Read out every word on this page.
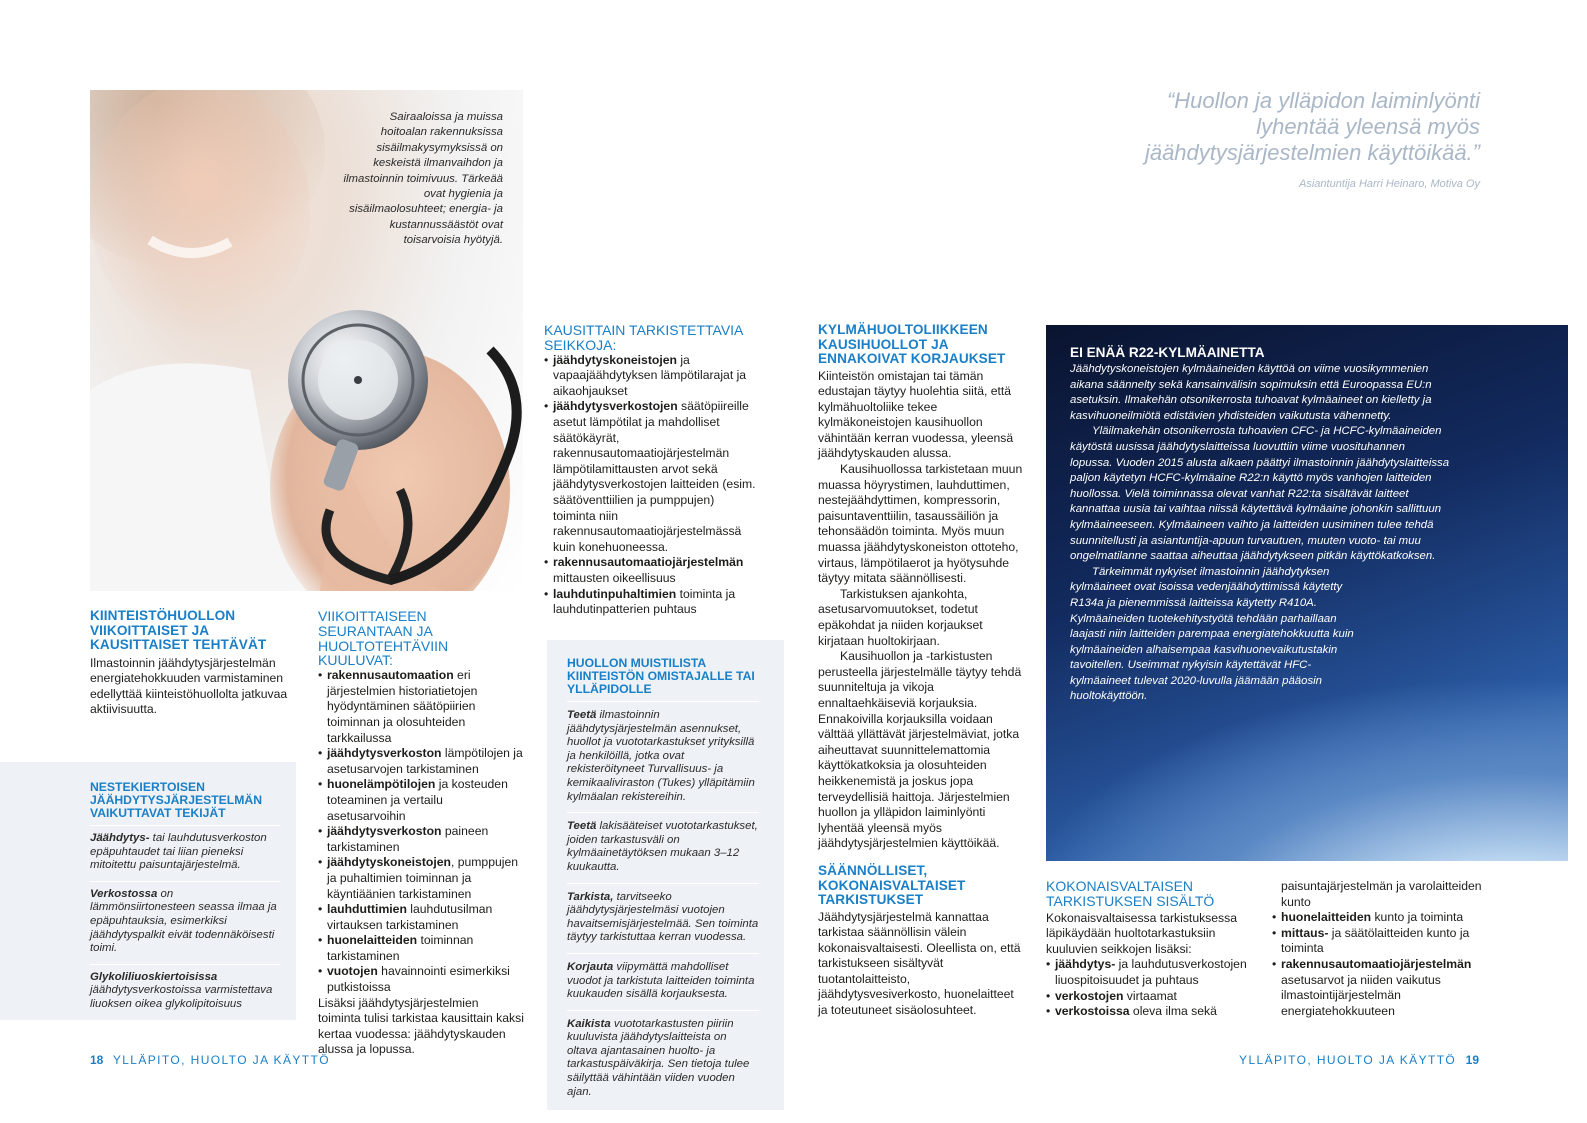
Sairaaloissa ja muissa hoitoalan rakennuksissa sisäilmakysymyksissä on keskeistä ilmanvaihdon ja ilmastoinnin toimivuus. Tärkeää ovat hygienia ja sisäilmaolosuhteet; energia- ja kustannussäästöt ovat toisarvoisia hyötyjä.
“Huollon ja ylläpidon laiminlyönti lyhentää yleensä myös jäähdytysjärjestelmien käyttöikää.”
Asiantuntija Harri Heinaro, Motiva Oy
KIINTEISTÖHUOLLON VIIKOITTAISET JA KAUSITTAISET TEHTÄVÄT
Ilmastoinnin jäähdytysjärjestelmän energiatehokkuuden varmistaminen edellyttää kiinteistöhuollolta jatkuvaa aktiivisuutta.
NESTEKIERTOISEN JÄÄHDYTYSJÄRJESTELMÄN VAIKUTTAVAT TEKIJÄT
Jäähdytys- tai lauhdutusverkoston epäpuhtaudet tai liian pieneksi mitoitettu paisuntajärjestelmä.
Verkostossa on lämmönsiirtonesteen seassa ilmaa ja epäpuhtauksia, esimerkiksi jäähdytyspalkit eivät todennäköisesti toimi.
Glykoliliuoskiertoisissa jäähdytysverkostoissa varmistettava liuoksen oikea glykolipitoisuus
VIIKOITTAISEEN SEURANTAAN JA HUOLTOTEHTÄVIIN KUULUVAT:
• rakennusautomaation eri järjestelmien historiatietojen hyödyntäminen säätöpiirien toiminnan ja olosuhteiden tarkkailussa
• jäähdytysverkoston lämpötilojen ja asetusarvojen tarkistaminen
• huonelämpötilojen ja kosteuden toteaminen ja vertailu asetusarvoihin
• jäähdytysverkoston paineen tarkistaminen
• jäähdytyskoneistojen, pumppujen ja puhaltimien toiminnan ja käyntiäänien tarkistaminen
• lauhduttimien lauhdutusilman virtauksen tarkistaminen
• huonelaitteiden toiminnan tarkistaminen
• vuotojen havainnointi esimerkiksi putkistoissa
Lisäksi jäähdytysjärjestelmien toiminta tulisi tarkistaa kausittain kaksi kertaa vuodessa: jäähdytyskauden alussa ja lopussa.
KAUSITTAIN TARKISTETTAVIA SEIKKOJA:
• jäähdytyskoneistojen ja vapaajäähdytyksen lämpötilarajat ja aikaohjaukset
• jäähdytysverkostojen säätöpiireille asetut lämpötilat ja mahdolliset säätökäyrät, rakennusautomaatiojärjestelmän lämpötilamittausten arvot sekä jäähdytysverkostojen laitteiden (esim. säätöventtiilien ja pumppujen) toiminta niin rakennusautomaatiojärjestelmässä kuin konehuoneessa.
• rakennusautomaatiojärjestelmän mittausten oikeellisuus
• lauhdutinpuhaltimien toiminta ja lauhdutinpatterien puhtaus
HUOLLON MUISTILISTA KIINTEISTÖN OMISTAJALLE TAI YLLÄPIDOLLE
Teetä ilmastoinnin jäähdytysjärjestelmän asennukset, huollot ja vuototarkastukset yrityksillä ja henkilöillä, jotka ovat rekisteröityneet Turvallisuus- ja kemikaaliviraston (Tukes) ylläpitämiin kylmäalan rekistereihin.
Teetä lakisääteiset vuototarkastukset, joiden tarkastusväli on kylmäainetäytöksen mukaan 3–12 kuukautta.
Tarkista, tarvitseeko jäähdytysjärjestelmäsi vuotojen havaitsemisjärjestelmää. Sen toiminta täytyy tarkistuttaa kerran vuodessa.
Korjauta viipymättä mahdolliset vuodot ja tarkistuta laitteiden toiminta kuukauden sisällä korjauksesta.
Kaikista vuototarkastusten piiriin kuuluvista jäähdytyslaitteista on oltava ajantasainen huolto- ja tarkastuspäiväkirja. Sen tietoja tulee säilyttää vähintään viiden vuoden ajan.
KYLMÄHUOLTOLIIKKEEN KAUSIHUOLLOT JA ENNAKOIVAT KORJAUKSET

Kiinteistön omistajan tai tämän edustajan täytyy huolehtia siitä, että kylmähuoltoliike tekee kylmäkoneistojen kausihuollon vähintään kerran vuodessa, yleensä jäähdytyskauden alussa.

Kausihuollossa tarkistetaan muun muassa höyrystimen, lauhduttimen, nestejäähdyttimen, kompressorin, paisuntaventtiilin, tasaussäiliön ja tehonsäädön toiminta. Myös muun muassa jäähdytyskoneiston ottoteho, virtaus, lämpötilaerot ja hyötysuhde täytyy mitata säännöllisesti.

Tarkistuksen ajankohta, asetusarvomuutokset, todetut epäkohdat ja niiden korjaukset kirjataan huoltokirjaan.

Kausihuollon ja -tarkistusten perusteella järjestelmälle täytyy tehdä suunniteltuja ja vikoja ennaltaehkäiseviä korjauksia. Ennakoivilla korjauksilla voidaan välttää yllättävät järjestelmäviat, jotka aiheuttavat suunnittelemattomia käyttökatkoksia ja olosuhteiden heikkenemistä ja joskus jopa terveydellisiä haittoja. Järjestelmien huollon ja ylläpidon laiminlyönti lyhentää yleensä myös jäähdytysjärjestelmien käyttöikää.

SÄÄNNÖLLISET, KOKONAISVALTAISET TARKISTUKSET
Jäähdytysjärjestelmä kannattaa tarkistaa säännöllisin välein kokonaisvaltaisesti. Oleellista on, että tarkistukseen sisältyvät tuotantolaitteisto, jäähdytysvesiverkosto, huonelaitteet ja toteutuneet sisäolosuhteet.
EI ENÄÄ R22-KYLMÄAINETTA

Jäähdytyskoneistojen kylmäaineiden käyttöä on viime vuosikymmenien aikana säännelty sekä kansainvälisin sopimuksin että Euroopassa EU:n asetuksin. Ilmakehän otsonikerrosta tuhoavat kylmäaineet on kielletty ja kasvihuoneilmiötä edistävien yhdisteiden vaikutusta vähennetty.

Yläilmakehän otsonikerrosta tuhoavien CFC- ja HCFC-kylmäaineiden käytöstä uusissa jäähdytyslaitteissa luovuttiin viime vuosituhannen lopussa. Vuoden 2015 alusta alkaen päättyi ilmastoinnin jäähdytyslaitteissa paljon käytetyn HCFC-kylmäaine R22:n käyttö myös vanhojen laitteiden huollossa. Vielä toiminnassa olevat vanhat R22:ta sisältävät laitteet kannattaa uusia tai vaihtaa niissä käytettävä kylmäaine johonkin sallittuun kylmäaineeseen. Kylmäaineen vaihto ja laitteiden uusiminen tulee tehdä suunnitellusti ja asiantuntija-apuun turvautuen, muuten vuoto- tai muu ongelmatilanne saattaa aiheuttaa jäähdytykseen pitkän käyttökatkoksen.

Tärkeimmät nykyiset ilmastoinnin jäähdytyksen kylmäaineet ovat isoissa vedenjäähdyttimissä käytetty R134a ja pienemmissä laitteissa käytetty R410A. Kylmäaineiden tuotekehitystyötä tehdään parhaillaan laajasti niin laitteiden parempaa energiatehokkuutta kuin kylmäaineiden alhaisempaa kasvihuonevaikutustakin tavoitellen. Useimmat nykyisin käytettävät HFC-kylmäaineet tulevat 2020-luvulla jäämään pääosin huoltokäyttöön.

KOKONAISVALTAISEN TARKISTUKSEN SISÄLTÖ
Kokonaisvaltaisessa tarkistuksessa läpikäydään huoltotarkastuksiin kuuluvien seikkojen lisäksi:
• jäähdytys- ja lauhdutusverkostojen liuospitoisuudet ja puhtaus
• verkostojen virtaamat
• verkostoissa oleva ilma sekä
paisuntajärjestelmän ja varolaitteiden kunto
• huonelaitteiden kunto ja toiminta
• mittaus- ja säätölaitteiden kunto ja toiminta
• rakennusautomaatiojärjestelmän asetusarvot ja niiden vaikutus ilmastointijärjestelmän energiatehokkuuteen
18 YLLÄPITO, HUOLTO JA KÄYTTÖ	YLLÄPITO, HUOLTO JA KÄYTTÖ 19
